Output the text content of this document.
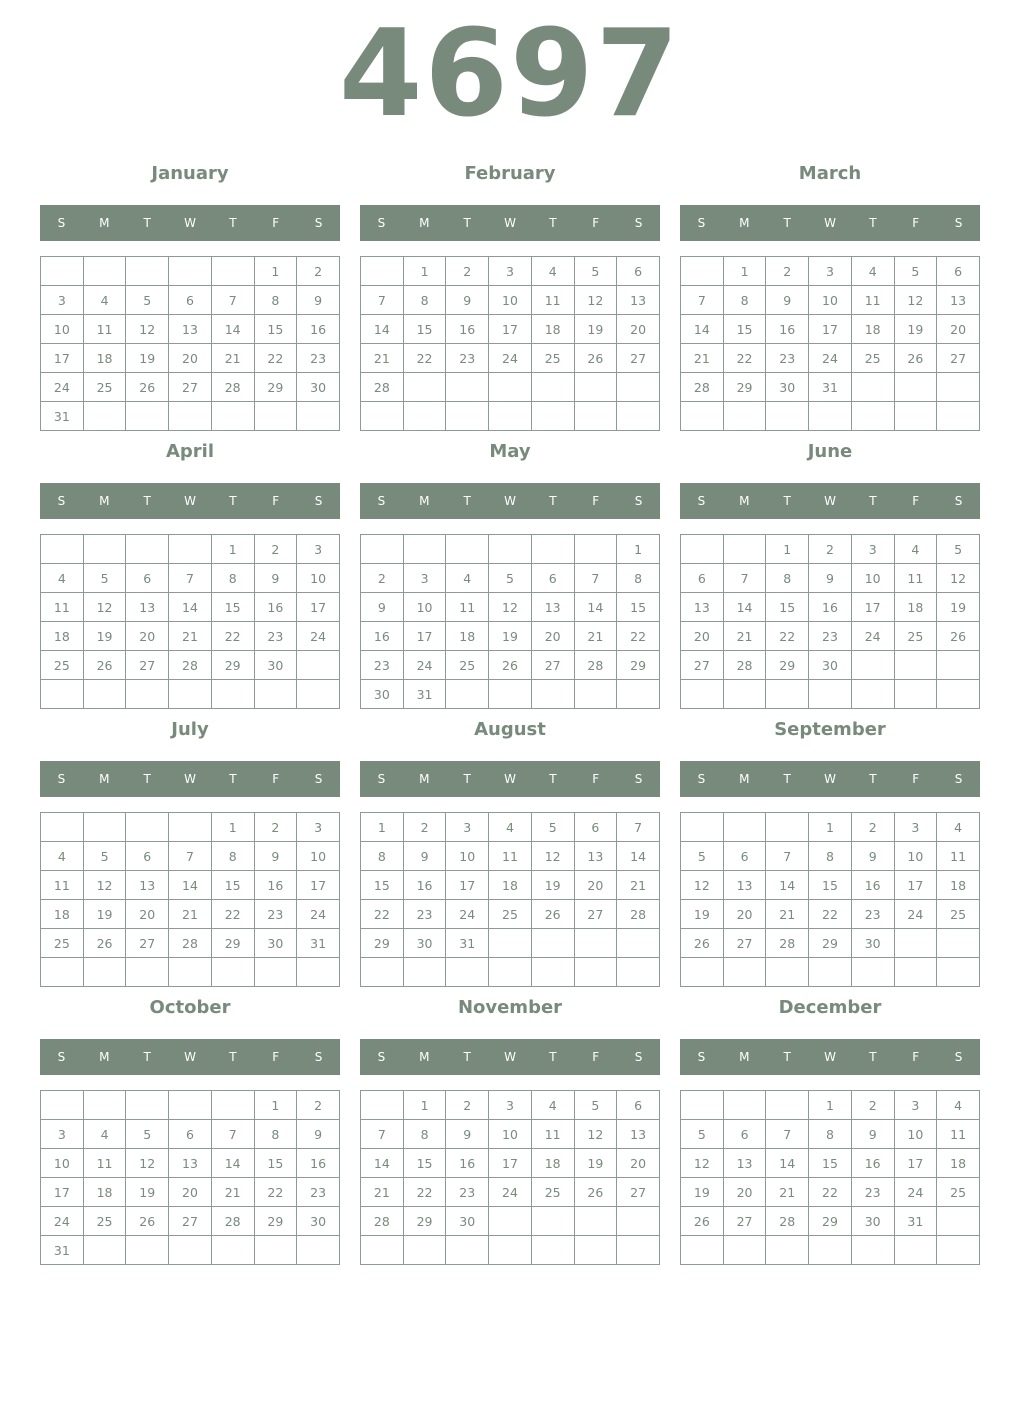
4697
January
S	M	T	W	T	F	S
					1	2
3	4	5	6	7	8	9
10	11	12	13	14	15	16
17	18	19	20	21	22	23
24	25	26	27	28	29	30
31						
February
S	M	T	W	T	F	S
	1	2	3	4	5	6
7	8	9	10	11	12	13
14	15	16	17	18	19	20
21	22	23	24	25	26	27
28						

March
S	M	T	W	T	F	S
	1	2	3	4	5	6
7	8	9	10	11	12	13
14	15	16	17	18	19	20
21	22	23	24	25	26	27
28	29	30	31			

April
S	M	T	W	T	F	S
				1	2	3
4	5	6	7	8	9	10
11	12	13	14	15	16	17
18	19	20	21	22	23	24
25	26	27	28	29	30	

May
S	M	T	W	T	F	S
						1
2	3	4	5	6	7	8
9	10	11	12	13	14	15
16	17	18	19	20	21	22
23	24	25	26	27	28	29
30	31					
June
S	M	T	W	T	F	S
		1	2	3	4	5
6	7	8	9	10	11	12
13	14	15	16	17	18	19
20	21	22	23	24	25	26
27	28	29	30			

July
S	M	T	W	T	F	S
				1	2	3
4	5	6	7	8	9	10
11	12	13	14	15	16	17
18	19	20	21	22	23	24
25	26	27	28	29	30	31

August
S	M	T	W	T	F	S
1	2	3	4	5	6	7
8	9	10	11	12	13	14
15	16	17	18	19	20	21
22	23	24	25	26	27	28
29	30	31				

September
S	M	T	W	T	F	S
			1	2	3	4
5	6	7	8	9	10	11
12	13	14	15	16	17	18
19	20	21	22	23	24	25
26	27	28	29	30		

October
S	M	T	W	T	F	S
					1	2
3	4	5	6	7	8	9
10	11	12	13	14	15	16
17	18	19	20	21	22	23
24	25	26	27	28	29	30
31						
November
S	M	T	W	T	F	S
	1	2	3	4	5	6
7	8	9	10	11	12	13
14	15	16	17	18	19	20
21	22	23	24	25	26	27
28	29	30				

December
S	M	T	W	T	F	S
			1	2	3	4
5	6	7	8	9	10	11
12	13	14	15	16	17	18
19	20	21	22	23	24	25
26	27	28	29	30	31	
